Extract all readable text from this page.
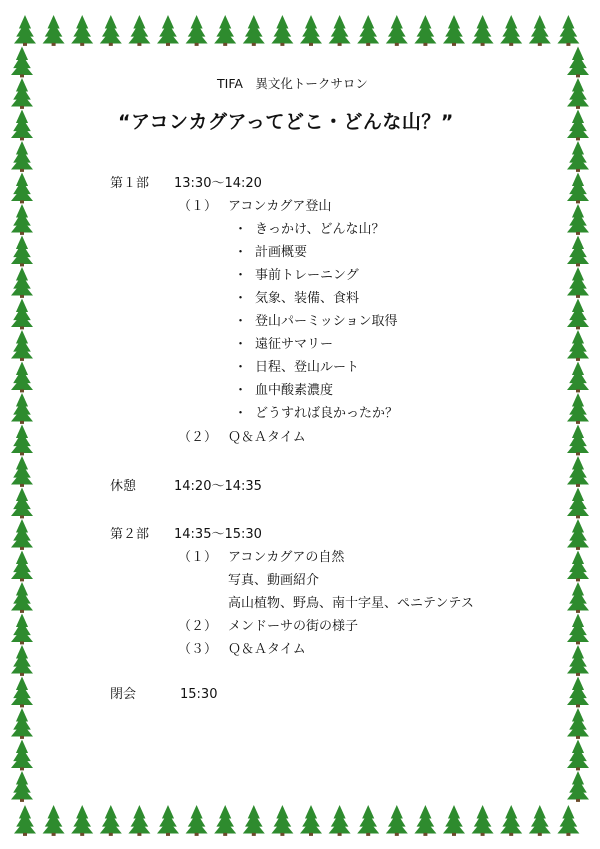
TIFA　異文化トークサロン
“アコンカグアってどこ・どんな山？”
第１部 13:30～14:20
（１） アコンカグア登山
・ きっかけ、どんな山？
・ 計画概要
・ 事前トレーニング
・ 気象、装備、食料
・ 登山パーミッション取得
・ 遠征サマリー
・ 日程、登山ルート
・ 血中酸素濃度
・ どうすれば良かったか？
（２） Ｑ＆Ａタイム
休憩	14:20～14:35
第２部 14:35～15:30
（１） アコンカグアの自然
写真、動画紹介
高山植物、野鳥、南十字星、ペニテンテス
（２） メンドーサの街の様子
（３） Ｑ＆Ａタイム
閉会	15:30
